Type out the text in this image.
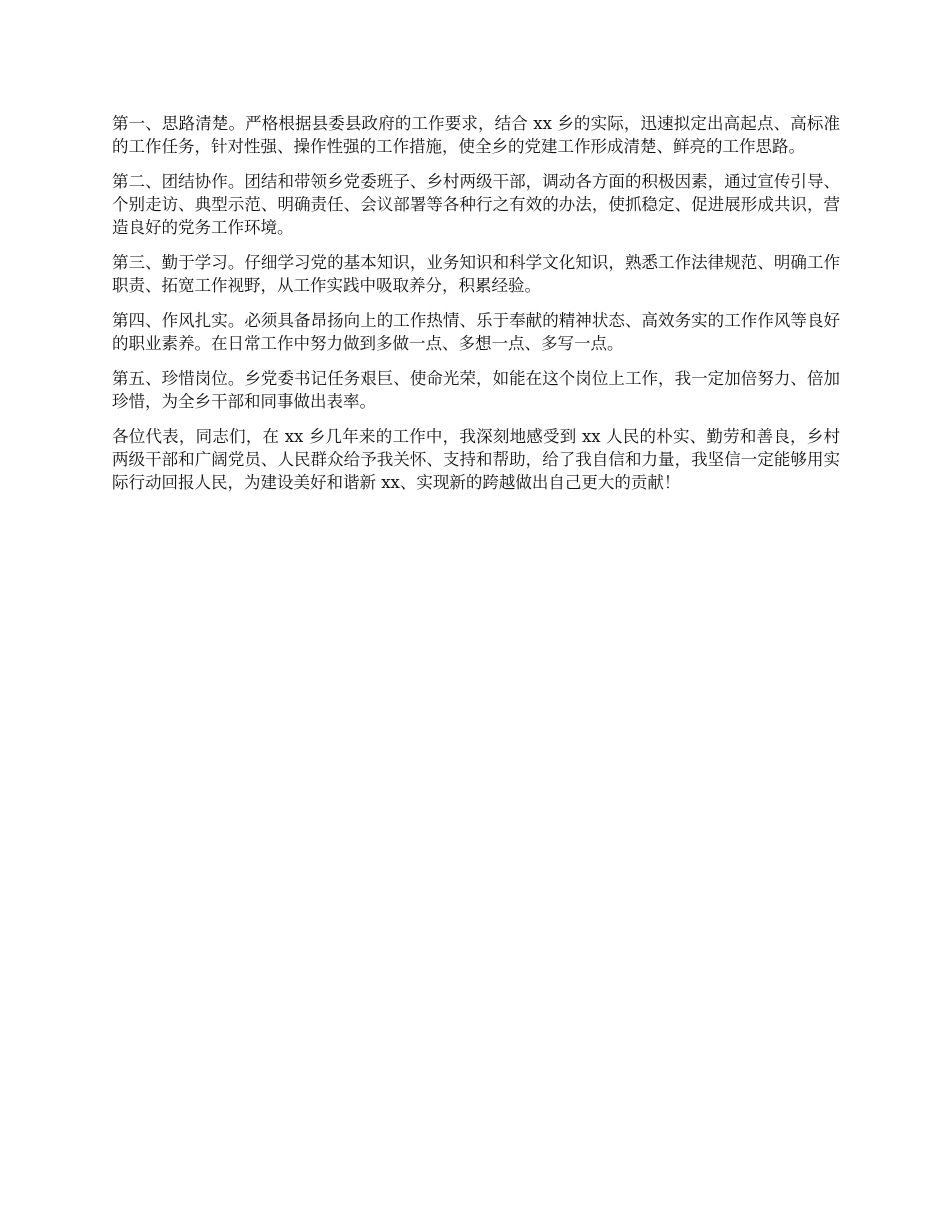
第一、思路清楚。严格根据县委县政府的工作要求，结合 xx 乡的实际，迅速拟定出高起点、高标准的工作任务，针对性强、操作性强的工作措施，使全乡的党建工作形成清楚、鲜亮的工作思路。

第二、团结协作。团结和带领乡党委班子、乡村两级干部，调动各方面的积极因素，通过宣传引导、个别走访、典型示范、明确责任、会议部署等各种行之有效的办法，使抓稳定、促进展形成共识，营造良好的党务工作环境。

第三、勤于学习。仔细学习党的基本知识，业务知识和科学文化知识，熟悉工作法律规范、明确工作职责、拓宽工作视野，从工作实践中吸取养分，积累经验。

第四、作风扎实。必须具备昂扬向上的工作热情、乐于奉献的精神状态、高效务实的工作作风等良好的职业素养。在日常工作中努力做到多做一点、多想一点、多写一点。

第五、珍惜岗位。乡党委书记任务艰巨、使命光荣，如能在这个岗位上工作，我一定加倍努力、倍加珍惜，为全乡干部和同事做出表率。

各位代表，同志们，在 xx 乡几年来的工作中，我深刻地感受到 xx 人民的朴实、勤劳和善良，乡村两级干部和广阔党员、人民群众给予我关怀、支持和帮助，给了我自信和力量，我坚信一定能够用实际行动回报人民，为建设美好和谐新 xx、实现新的跨越做出自己更大的贡献！
